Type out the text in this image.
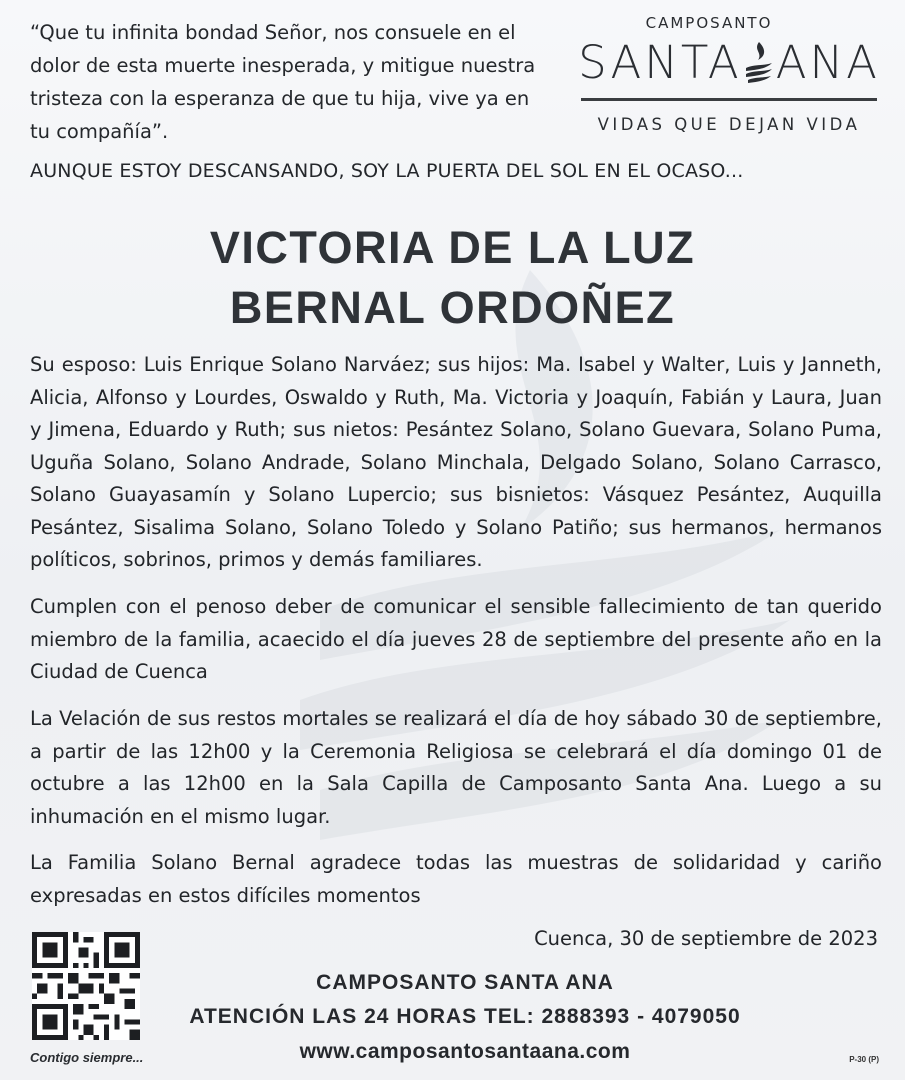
“Que tu infinita bondad Señor, nos consuele en el dolor de esta muerte inesperada, y mitigue nuestra tristeza con la esperanza de que tu hija, vive ya en tu compañía”.
CAMPOSANTO
SANTA ANA
VIDAS QUE DEJAN VIDA
AUNQUE ESTOY DESCANSANDO, SOY LA PUERTA DEL SOL EN EL OCASO...
VICTORIA DE LA LUZ
BERNAL ORDOÑEZ

Su esposo: Luis Enrique Solano Narváez; sus hijos: Ma. Isabel y Walter, Luis y Janneth, Alicia, Alfonso y Lourdes, Oswaldo y Ruth, Ma. Victoria y Joaquín, Fabián y Laura, Juan y Jimena, Eduardo y Ruth; sus nietos: Pesántez Solano, Solano Guevara, Solano Puma, Uguña Solano, Solano Andrade, Solano Minchala, Delgado Solano, Solano Carrasco, Solano Guayasamín y Solano Lupercio; sus bisnietos: Vásquez Pesántez, Auquilla Pesántez, Sisalima Solano, Solano Toledo y Solano Patiño; sus hermanos, hermanos políticos, sobrinos, primos y demás familiares.

Cumplen con el penoso deber de comunicar el sensible fallecimiento de tan querido miembro de la familia, acaecido el día jueves 28 de septiembre del presente año en la Ciudad de Cuenca

La Velación de sus restos mortales se realizará el día de hoy sábado 30 de septiembre, a partir de las 12h00 y la Ceremonia Religiosa se celebrará el día domingo 01 de octubre a las 12h00 en la Sala Capilla de Camposanto Santa Ana. Luego a su inhumación en el mismo lugar.

La Familia Solano Bernal agradece todas las muestras de solidaridad y cariño expresadas en estos difíciles momentos

Contigo siempre...
Cuenca, 30 de septiembre de 2023
CAMPOSANTO SANTA ANA
ATENCIÓN LAS 24 HORAS TEL: 2888393 - 4079050
www.camposantosantaana.com	P-30 (P)
